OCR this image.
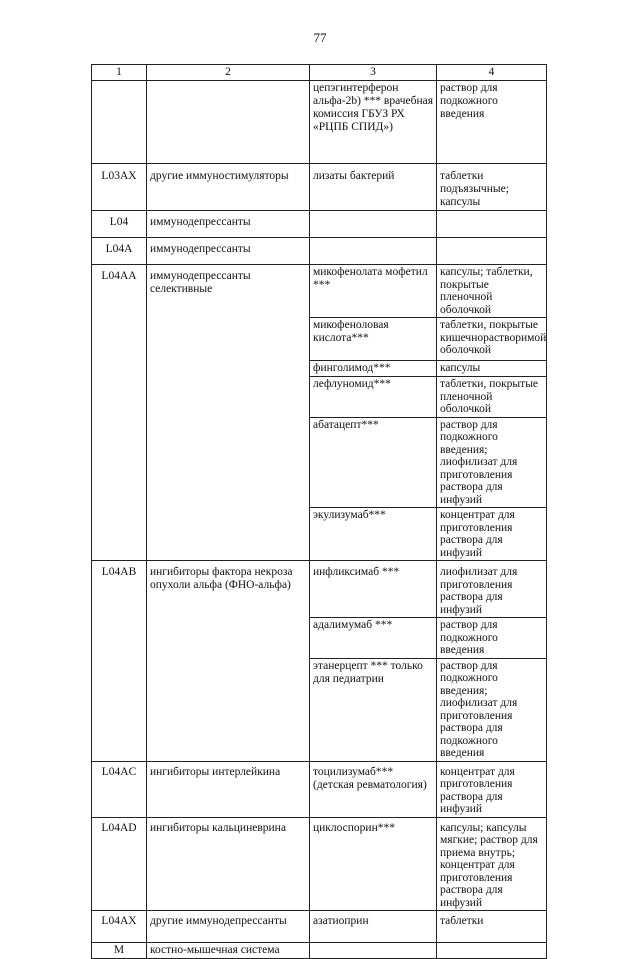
77
1	2	3	4
		цепэгинтерферон альфа-2b) *** врачебная комиссия ГБУЗ РХ «РЦПБ СПИД»)	раствор для подкожного введения
L03AX	другие иммуностимуляторы	лизаты бактерий	таблетки подъязычные; капсулы
L04	иммунодепрессанты		
L04A	иммунодепрессанты		
L04AA	иммунодепрессанты селективные	микофенолата мофетил ***	капсулы; таблетки, покрытые пленочной оболочкой
		микофеноловая кислота***	таблетки, покрытые кишечнорастворимой оболочкой
		финголимод***	капсулы
		лефлуномид***	таблетки, покрытые пленочной оболочкой
		абатацепт***	раствор для подкожного введения; лиофилизат для приготовления раствора для инфузий
		экулизумаб***	концентрат для приготовления раствора для инфузий
L04AB	ингибиторы фактора некроза опухоли альфа (ФНО-альфа)	инфликсимаб ***	лиофилизат для приготовления раствора для инфузий
		адалимумаб ***	раствор для подкожного введения
		этанерцепт *** только для педиатрии	раствор для подкожного введения; лиофилизат для приготовления раствора для подкожного введения
L04AC	ингибиторы интерлейкина	тоцилизумаб*** (детская ревматология)	концентрат для приготовления раствора для инфузий
L04AD	ингибиторы кальциневрина	циклоспорин***	капсулы; капсулы мягкие; раствор для приема внутрь; концентрат для приготовления раствора для инфузий
L04AX	другие иммунодепрессанты	азатиоприн	таблетки
M	костно-мышечная система		
